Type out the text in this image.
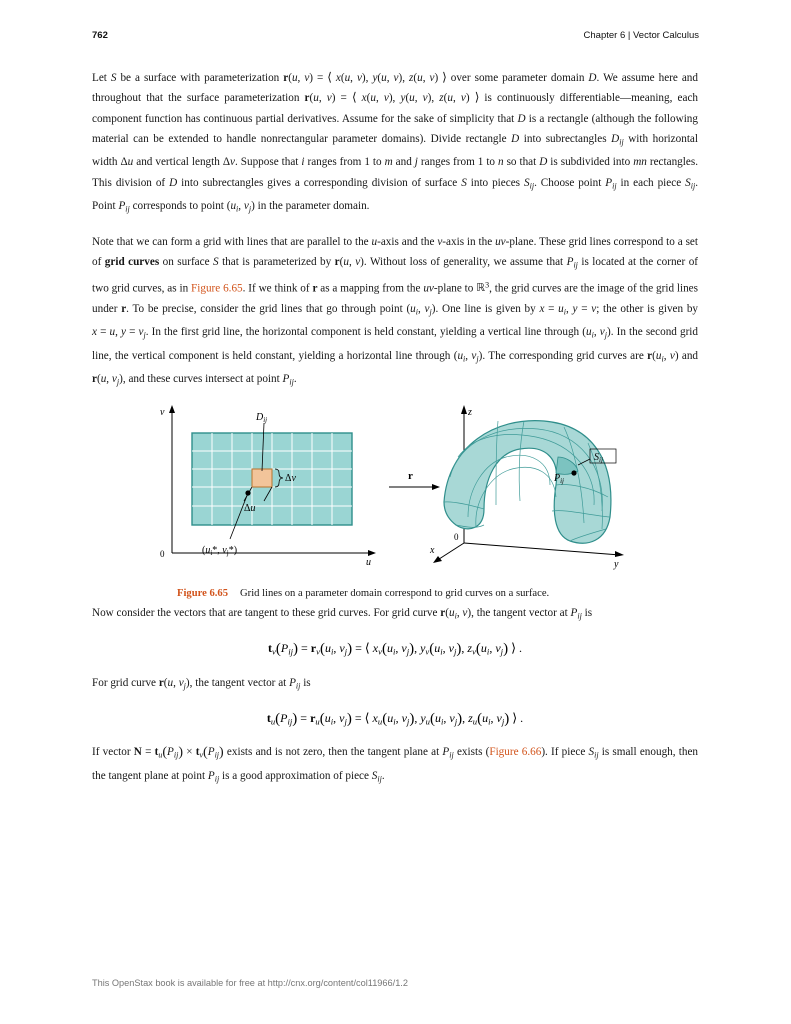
762	Chapter 6 | Vector Calculus

Let S be a surface with parameterization r(u, v) = ⟨ x(u, v), y(u, v), z(u, v) ⟩ over some parameter domain D. We assume here and throughout that the surface parameterization r(u, v) = ⟨ x(u, v), y(u, v), z(u, v) ⟩ is continuously differentiable—meaning, each component function has continuous partial derivatives. Assume for the sake of simplicity that D is a rectangle (although the following material can be extended to handle nonrectangular parameter domains). Divide rectangle D into subrectangles $D_{ij}$ with horizontal width Δu and vertical length Δv. Suppose that i ranges from 1 to m and j ranges from 1 to n so that D is subdivided into mn rectangles. This division of D into subrectangles gives a corresponding division of surface S into pieces $S_{ij}$. Choose point $P_{ij}$ in each piece $S_{ij}$. Point $P_{ij}$ corresponds to point ($u_i$, $v_j$) in the parameter domain.

Note that we can form a grid with lines that are parallel to the u-axis and the v-axis in the uv-plane. These grid lines correspond to a set of grid curves on surface S that is parameterized by r(u, v). Without loss of generality, we assume that $P_{ij}$ is located at the corner of two grid curves, as in Figure 6.65. If we think of r as a mapping from the uv-plane to ℝ$^3$, the grid curves are the image of the grid lines under r. To be precise, consider the grid lines that go through point ($u_i$, $v_j$). One line is given by $x = u_i$, y = v; the other is given by x = u, $y = v_j$. In the first grid line, the horizontal component is held constant, yielding a vertical line through ($u_i$, $v_j$). In the second grid line, the vertical component is held constant, yielding a horizontal line through ($u_i$, $v_j$). The corresponding grid curves are $r(u_i$, v) and r(u, $v_j$), and these curves intersect at point $P_{ij}$.

v
u
0
$D_{ij}$
Δv
Δu
($u_i*$, $v_j*$)
r
z
y
x
0
$S_{ij}$
$P_{ij}$
Figure 6.65 Grid lines on a parameter domain correspond to grid curves on a surface.

Now consider the vectors that are tangent to these grid curves. For grid curve $r(u_i$, v), the tangent vector at $P_{ij}$ is

$t_v(P_{ij}) = r_v(u_i$, $v_j$) = ⟨ $x_v(u_i$, $v_j$), $y_v(u_i$, $v_j$), $z_v(u_i$, $v_j$) ⟩ .

For grid curve r(u, $v_j$), the tangent vector at $P_{ij}$ is

$t_u(P_{ij}) = r_u(u_i$, $v_j$) = ⟨ $x_u(u_i$, $v_j$), $y_u(u_i$, $v_j$), $z_u(u_i$, $v_j$) ⟩ .

If vector $N = t_u(P_{ij}) \times t_v(P_{ij})$ exists and is not zero, then the tangent plane at $P_{ij}$ exists (Figure 6.66). If piece $S_{ij}$ is small enough, then the tangent plane at point $P_{ij}$ is a good approximation of piece $S_{ij}$.

This OpenStax book is available for free at http://cnx.org/content/col11966/1.2
